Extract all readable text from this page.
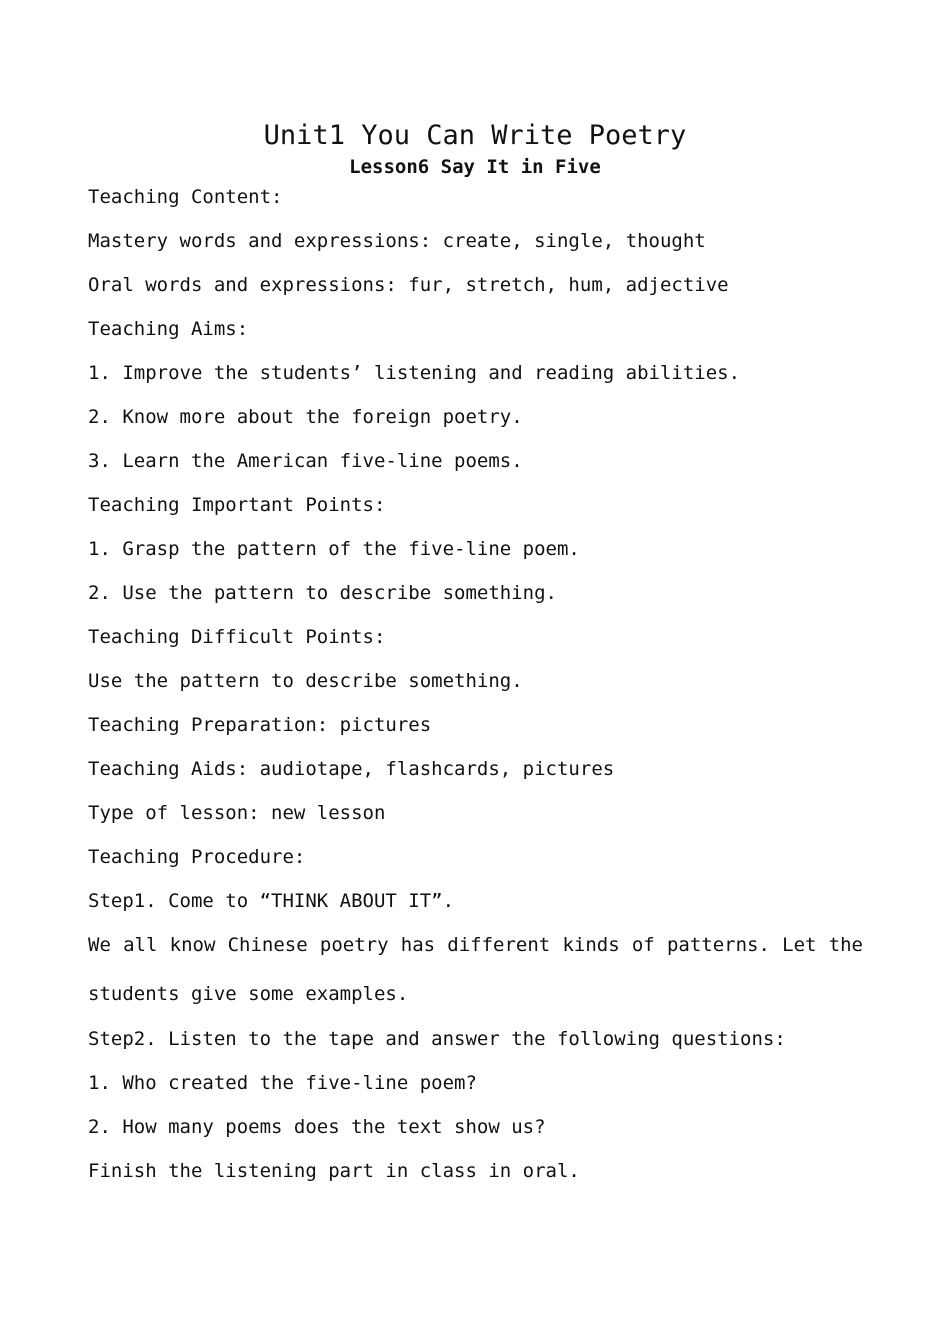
Unit1 You Can Write Poetry
Lesson6 Say It in Five
Teaching Content:
Mastery words and expressions: create, single, thought
Oral words and expressions: fur, stretch, hum, adjective
Teaching Aims:
1. Improve the students’ listening and reading abilities.
2. Know more about the foreign poetry.
3. Learn the American five-line poems.
Teaching Important Points:
1. Grasp the pattern of the five-line poem.
2. Use the pattern to describe something.
Teaching Difficult Points:
Use the pattern to describe something.
Teaching Preparation: pictures
Teaching Aids: audiotape, flashcards, pictures
Type of lesson: new lesson
Teaching Procedure:
Step1. Come to “THINK ABOUT IT”.
We all know Chinese poetry has different kinds of patterns. Let the
students give some examples.
Step2. Listen to the tape and answer the following questions:
1. Who created the five-line poem?
2. How many poems does the text show us?
Finish the listening part in class in oral.
